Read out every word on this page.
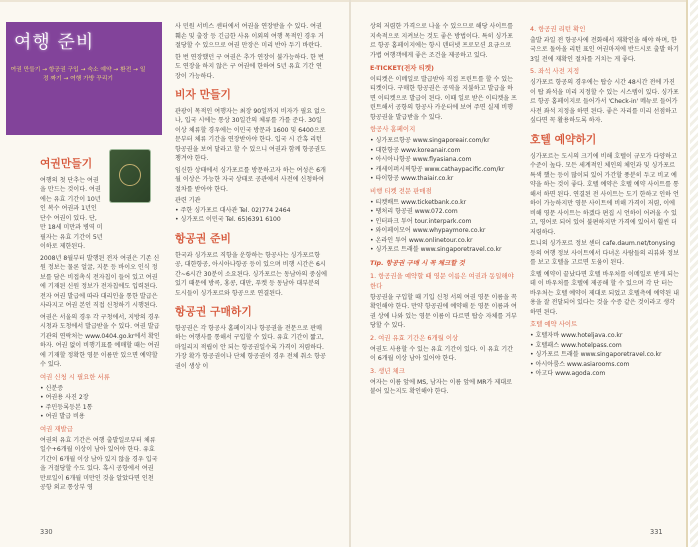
여행 준비
여권 만들기 → 항공권 구입 → 숙소 예약 → 환전 → 일정 짜기 → 여행 가방 꾸리기
여권만들기

여행의 첫 단추는 여권을 만드는 것이다. 여권에는 유효 기간이 10년인 복수 여권과 1년인 단수 여권이 있다. 단, 만 18세 미만과 병역 미필자는 유효 기간이 5년 이하로 제한된다.

2008년 8월부터 발행된 전자 여권은 기존 신원 정보는 물론 얼굴, 지문 등 바이오 인식 정보를 담은 비접촉식 전자칩이 들어 있고 여권에 기재된 신원 정보가 전자칩에도 입력된다. 전자 여권 발급에 따라 대리인을 통한 발급은 사라지고 여권 본인 직접 신청하기 시행된다.

여권은 서울의 경우 각 구청에서, 지방의 경우 시청과 도청에서 발급받을 수 있다. 여권 발급 기관의 연락처는 www.0404.go.kr에서 확인하자. 여권 없이 비행기표를 예매할 때는 여권에 기재할 정확한 영문 이름만 있으면 예약할 수 있다.

여권 신청 시 필요한 서류
• 신분증
• 여권용 사진 2장
• 주민등록등본 1통
• 여권 발급 비용
여권 재발급

여권의 유효 기간은 여행 출발일로부터 체류일수+6개월 이상이 남아 있어야 한다. 유효 기간이 6개월 이상 남아 있지 않을 경우 입국을 거절당할 수도 있다. 혹시 공항에서 여권 만료일이 6개월 미만인 것을 알았다면 인천 공항 외교 통상부 영

사 민원 서비스 센터에서 여권을 연장받을 수 있다. 여권 훼손 및 출장 등 긴급한 사유 이외의 여행 목적인 경우 거절당할 수 있으므로 여권 만장은 미리 반아 두기 바란다.

한 번 연장했던 구 여권은 추가 연장이 불가능하다. 한 번도 연장을 하지 않은 구 여권에 한하여 5년 유효 기간 연장이 가능하다.

비자 만들기

관광이 목적인 여행자는 최장 90일까지 비자가 필요 없으나, 입국 시에는 통상 30일간의 체류를 가를 준다. 30일 이상 체류할 경우에는 이민국 방문과 1600 및 6400으로 문부터 체류 기간을 연장받아야 한다. 입국 시 간혹 리턴 항공권을 보여 달라고 할 수 있으니 여권과 함께 항공권도 챙겨야 한다.

임신한 상태에서 싱가포르를 방문하고자 하는 여성은 6개월 이상은 가능한 자국 상태로 공관에서 사전에 신청하여 절차를 받아야 한다.

관련 기관
• 주한 싱가포르 대사관 Tel. 02)774 2464
• 싱가포르 이민국 Tel. 65)6391 6100
항공권 준비

한국과 싱가포르 직항을 운항하는 항공사는 싱가포르항공, 대한항공, 아시아나항공 등이 있으며 비행 시간은 6시간~6시간 30분이 소요된다. 싱가포르는 동남아의 중심에 있기 때문에 방콕, 홍콩, 대만, 푸켓 등 동남아 대부분의 도시들이 싱가포르와 항공으로 연결된다.

항공권 구매하기

항공권은 각 항공사 홈페이지나 항공권을 전문으로 판매하는 여행사를 통해서 구입할 수 있다. 유효 기간이 짧고, 마일리지 적립이 안 되는 항공권일수록 가격이 저렴하다. 가장 확가 항공권이나 단체 항공권이 경우 전체 취소 항공권이 생상 이

상의 저렴한 가격으로 나올 수 있으므로 해당 사이트를 지속적으로 지켜보는 것도 좋은 방법이다. 특히 싱가포르 항공 홈페이지에는 항시 덴터넷 프로모션 요금으로 가볍 여행객에게 좋은 조건을 제공하고 있다.

E-TICKET(전자 티켓)

이티켓은 이메일로 발급받아 직접 프린트를 할 수 있는 티켓이다. 구매한 항공권은 공역을 지불하고 발급을 하면 이티켓으로 발급이 된다. 이때 일로 받은 이티켓을 프린트해서 공항의 항공사 카운터에 보여 주면 실제 비행 항공권을 발급받을 수 있다.

항공사 홈페이지
• 싱가포르항공 www.singaporeair.com/kr
• 대한항공 www.koreanair.com
• 아시아나항공 www.flyasiana.com
• 캐세이퍼시픽항공 www.cathaypacific.com/kr
• 타이항공 www.thaiair.co.kr
비행 티켓 전문 판매점
• 티켓배트 www.ticketbank.co.kr
• 땡처리 항공권 www.072.com
• 인터파크 투어 tour.interpark.com
• 와이페이모어 www.whypaymore.co.kr
• 온라인 투어 www.onlinetour.co.kr
• 싱가포르 트래블 www.singaporetravel.co.kr
Tip. 항공권 구매 시 꼭 체크할 것
1. 항공권을 예약할 때 영문 이름은 여권과 동일해야 한다

항공권을 구입할 때 기입 신청 서의 여권 영문 이름을 꼭 확인해야 한다. 만약 항공권에 예약해 둔 영문 이름과 여권 상에 나와 있는 영문 이름이 다르면 탑승 자체를 거부당할 수 있다.

2. 여권 유효 기간은 6개월 이상

여권도 사용할 수 있는 유효 기간이 있다. 이 유효 기간이 6개월 이상 남아 있어야 한다.

3. 생년 체크

여자는 이름 앞에 MS, 남자는 이름 앞에 MR가 제대로 붙어 있는지도 확인해야 한다.

4. 항공권 리턴 확인

출발 과일 전 항공사에 전화해서 재확인을 해야 하며, 한국으로 돌아올 리턴 표인 여권마저에 반드시로 출발 하기 3일 전에 재확인 절차를 거치는 게 좋다.

5. 좌석 사전 지정

싱가포르 항공의 경우에는 탑승 시간 48시간 전에 가진 이 탑 좌석을 미리 지정할 수 있는 시스템이 있다. 싱가포르 항공 홈페이지로 들어가서 'Check-in' 메뉴로 들어가 사전 좌석 지정을 하면 된다. 좋은 자리를 미리 선점하고 싶다면 꼭 활용하도록 하자.

호텔 예약하기

싱가포르는 도시의 크기에 비해 호텔이 규모가 다양하고 수준이 높다. 모든 세계적인 체인의 체인과 및 싱가포르 특색 했는 등이 많이되 있어 가간할 풍분히 두고 비교 예약을 하는 것이 좋다. 호텔 예약은 호텔 예약 사이트를 통해서 하면 된다. 연결된 전 사이트는 도기 한하고 인하 언하이 가능하지만 영문 사이트에 비해 가격이 저렴, 이에 비해 영문 사이트는 하겠다 편집 시 언하이 어려울 수 있고, 영어로 되어 있어 불편하지만 가격에 있어서 훨씬 더 저렴하다.

토니의 싱가포르 정보 센터 cafe.daum.net/tonysing 등의 여행 정보 사이트에서 다녀온 사람들의 리뷰와 정보를 보고 호텔을 고르면 도움이 된다.

호텔 예약이 끝났다면 호텔 바우처를 이메일로 받게 되는데 이 바우처를 호텔에 제공해 할 수 있으며 각 단 터는 바우처는 호텔 예약이 제대로 되었고 호텔측에 예약된 내용을 잘 전달되어 있다는 것을 수증 같은 것이라고 생각하면 된다.

호텔 예약 사이트
• 호텔자바 www.hoteljava.co.kr
• 호텔패스 www.hotelpass.com
• 싱가포르 트래블 www.singaporetravel.co.kr
• 아시아룸스 www.asiarooms.com
• 아고다 www.agoda.com
330	331
